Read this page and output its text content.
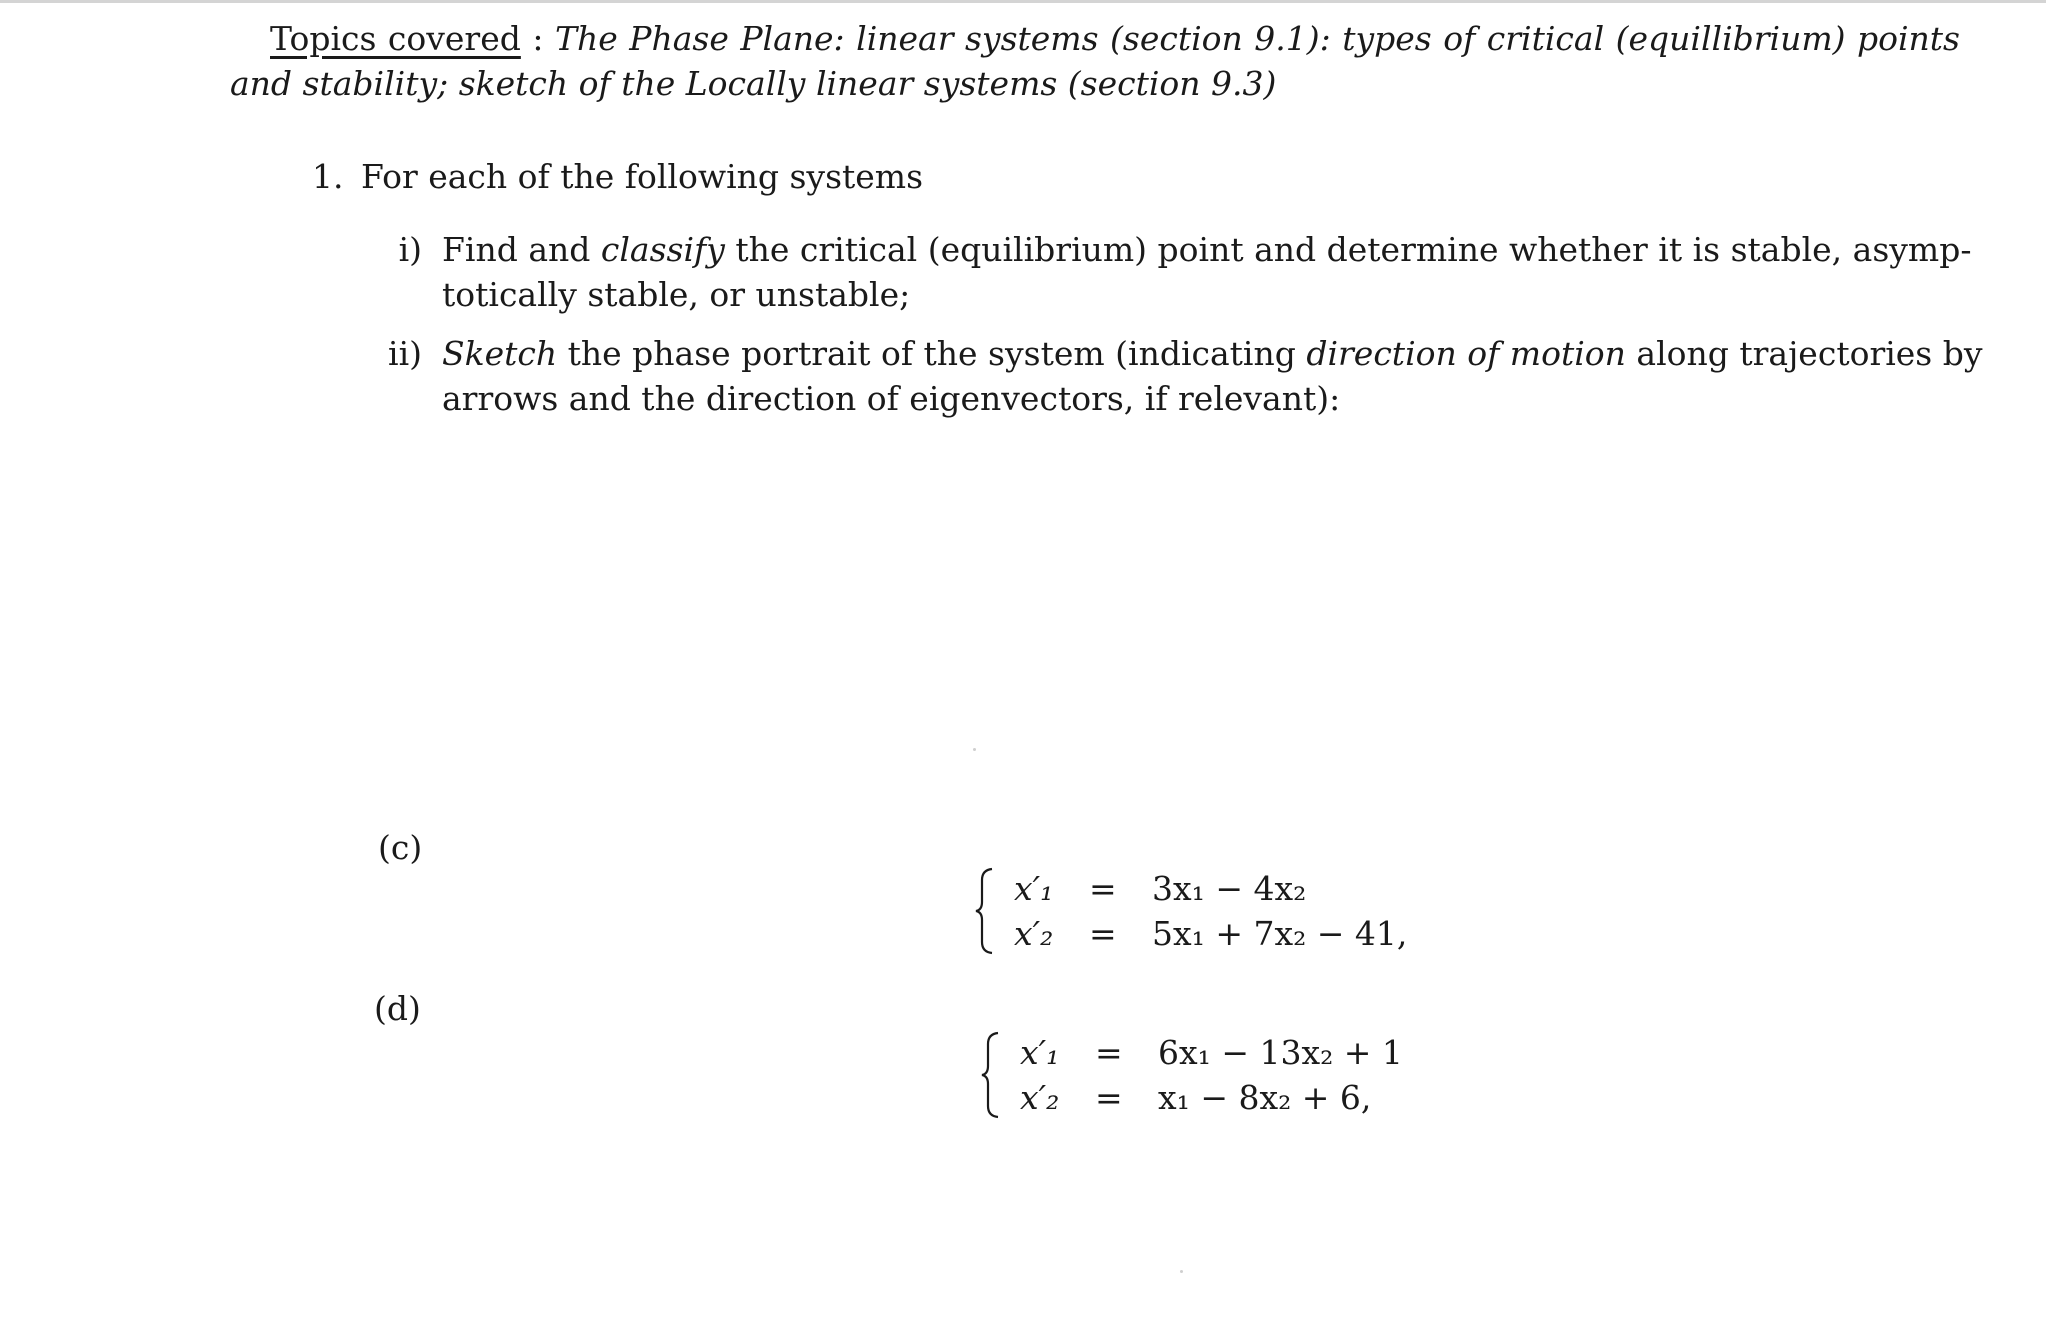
Topics covered : The Phase Plane: linear systems (section 9.1): types of critical (equillibrium) points
and stability; sketch of the Locally linear systems (section 9.3)
1. For each of the following systems
i) Find and classify the critical (equilibrium) point and determine whether it is stable, asymp-
totically stable, or unstable;
ii) Sketch the phase portrait of the system (indicating direction of motion along trajectories by
arrows and the direction of eigenvectors, if relevant):
(c)
x′₁ = 3x₁ − 4x₂
x′₂ = 5x₁ + 7x₂ − 41,
(d)
x′₁ = 6x₁ − 13x₂ + 1
x′₂ = x₁ − 8x₂ + 6,
